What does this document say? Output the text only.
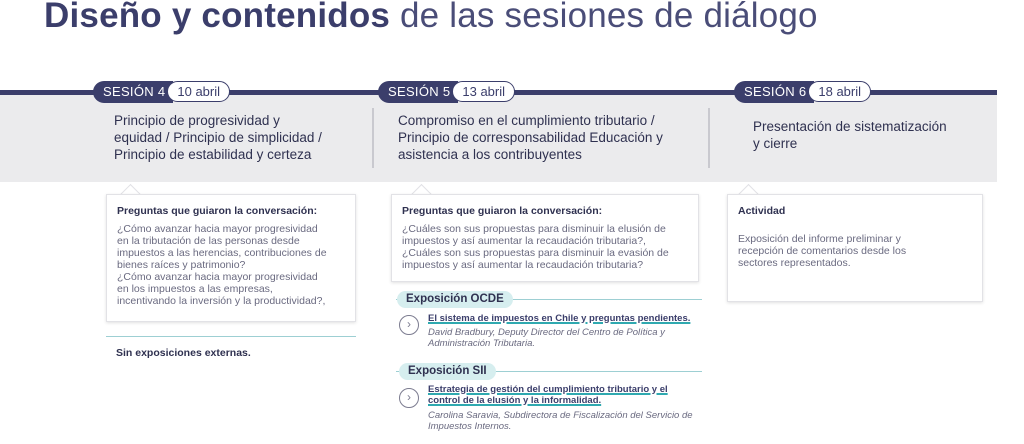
Diseño y contenidos de las sesiones de diálogo
SESIÓN 4 10 abril
Principio de progresividad y
equidad / Principio de simplicidad /
Principio de estabilidad y certeza
SESIÓN 5 13 abril
Compromiso en el cumplimiento tributario /
Principio de corresponsabilidad Educación y
asistencia a los contribuyentes
SESIÓN 6 18 abril
Presentación de sistematización
y cierre
Preguntas que guiaron la conversación:
¿Cómo avanzar hacia mayor progresividad
en la tributación de las personas desde
impuestos a las herencias, contribuciones de
bienes raíces y patrimonio?
¿Cómo avanzar hacia mayor progresividad
en los impuestos a las empresas,
incentivando la inversión y la productividad?,
Sin exposiciones externas.
Preguntas que guiaron la conversación:
¿Cuáles son sus propuestas para disminuir la elusión de
impuestos y así aumentar la recaudación tributaria?,
¿Cuáles son sus propuestas para disminuir la evasión de
impuestos y así aumentar la recaudación tributaria?
Exposición OCDE
›	El sistema de impuestos en Chile y preguntas pendientes.
David Bradbury, Deputy Director del Centro de Política y
Administración Tributaria.
Exposición SII
›
Estrategia de gestión del cumplimiento tributario y el
control de la elusión y la informalidad.
Carolina Saravia, Subdirectora de Fiscalización del Servicio de
Impuestos Internos.
Actividad
Exposición del informe preliminar y
recepción de comentarios desde los
sectores representados.
